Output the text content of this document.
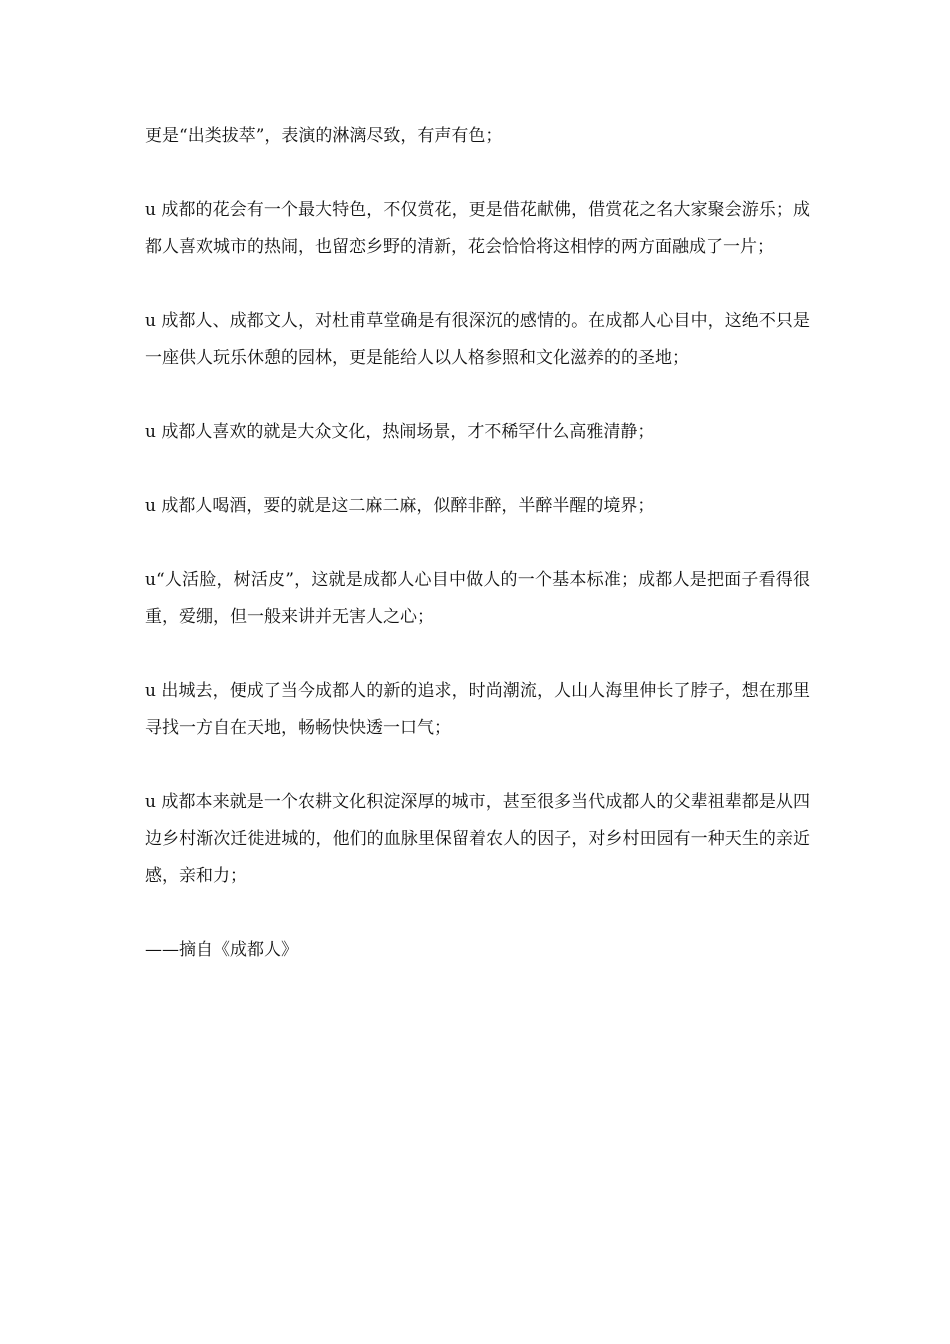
更是“出类拔萃”，表演的淋漓尽致，有声有色；

u 成都的花会有一个最大特色，不仅赏花，更是借花献佛，借赏花之名大家聚会游乐；成都人喜欢城市的热闹，也留恋乡野的清新，花会恰恰将这相悖的两方面融成了一片；

u 成都人、成都文人，对杜甫草堂确是有很深沉的感情的。在成都人心目中，这绝不只是一座供人玩乐休憩的园林，更是能给人以人格参照和文化滋养的的圣地；

u 成都人喜欢的就是大众文化，热闹场景，才不稀罕什么高雅清静；

u 成都人喝酒，要的就是这二麻二麻，似醉非醉，半醉半醒的境界；

u“人活脸，树活皮”，这就是成都人心目中做人的一个基本标准；成都人是把面子看得很重，爱绷，但一般来讲并无害人之心；

u 出城去，便成了当今成都人的新的追求，时尚潮流，人山人海里伸长了脖子，想在那里寻找一方自在天地，畅畅快快透一口气；

u 成都本来就是一个农耕文化积淀深厚的城市，甚至很多当代成都人的父辈祖辈都是从四边乡村渐次迁徙进城的，他们的血脉里保留着农人的因子，对乡村田园有一种天生的亲近感，亲和力；

——摘自《成都人》
